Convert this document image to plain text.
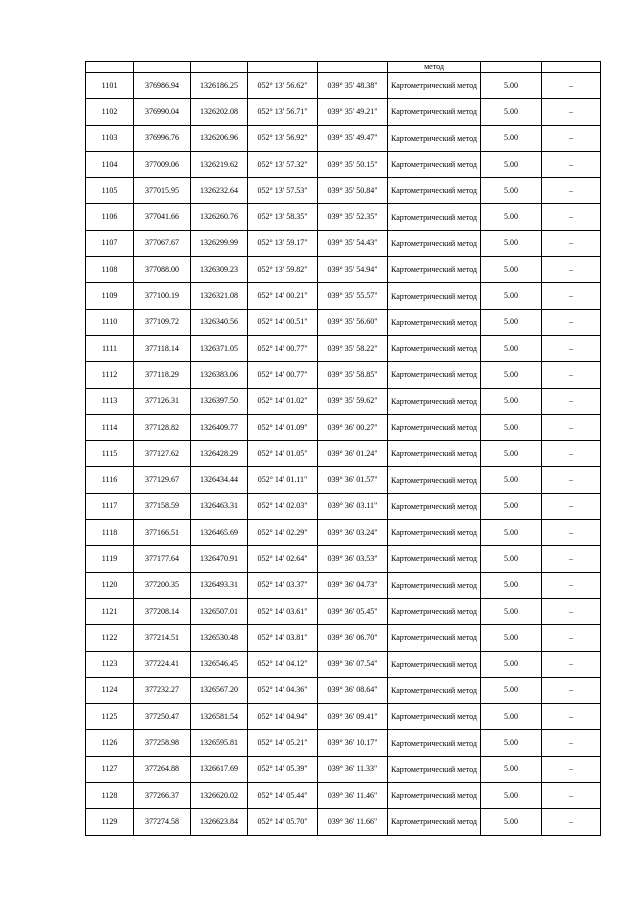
					метод		
1101	376986.94	1326186.25	052° 13' 56.62"	039° 35' 48.38"	Картометрический метод	5.00	–
1102	376990.04	1326202.08	052° 13' 56.71"	039° 35' 49.21"	Картометрический метод	5.00	–
1103	376996.76	1326206.96	052° 13' 56.92"	039° 35' 49.47"	Картометрический метод	5.00	–
1104	377009.06	1326219.62	052° 13' 57.32"	039° 35' 50.15"	Картометрический метод	5.00	–
1105	377015.95	1326232.64	052° 13' 57.53"	039° 35' 50.84"	Картометрический метод	5.00	–
1106	377041.66	1326260.76	052° 13' 58.35"	039° 35' 52.35"	Картометрический метод	5.00	–
1107	377067.67	1326299.99	052° 13' 59.17"	039° 35' 54.43"	Картометрический метод	5.00	–
1108	377088.00	1326309.23	052° 13' 59.82"	039° 35' 54.94"	Картометрический метод	5.00	–
1109	377100.19	1326321.08	052° 14' 00.21"	039° 35' 55.57"	Картометрический метод	5.00	–
1110	377109.72	1326340.56	052° 14' 00.51"	039° 35' 56.60"	Картометрический метод	5.00	–
1111	377118.14	1326371.05	052° 14' 00.77"	039° 35' 58.22"	Картометрический метод	5.00	–
1112	377118.29	1326383.06	052° 14' 00.77"	039° 35' 58.85"	Картометрический метод	5.00	–
1113	377126.31	1326397.50	052° 14' 01.02"	039° 35' 59.62"	Картометрический метод	5.00	–
1114	377128.82	1326409.77	052° 14' 01.09"	039° 36' 00.27"	Картометрический метод	5.00	–
1115	377127.62	1326428.29	052° 14' 01.05"	039° 36' 01.24"	Картометрический метод	5.00	–
1116	377129.67	1326434.44	052° 14' 01.11"	039° 36' 01.57"	Картометрический метод	5.00	–
1117	377158.59	1326463.31	052° 14' 02.03"	039° 36' 03.11"	Картометрический метод	5.00	–
1118	377166.51	1326465.69	052° 14' 02.29"	039° 36' 03.24"	Картометрический метод	5.00	–
1119	377177.64	1326470.91	052° 14' 02.64"	039° 36' 03.53"	Картометрический метод	5.00	–
1120	377200.35	1326493.31	052° 14' 03.37"	039° 36' 04.73"	Картометрический метод	5.00	–
1121	377208.14	1326507.01	052° 14' 03.61"	039° 36' 05.45"	Картометрический метод	5.00	–
1122	377214.51	1326530.48	052° 14' 03.81"	039° 36' 06.70"	Картометрический метод	5.00	–
1123	377224.41	1326546.45	052° 14' 04.12"	039° 36' 07.54"	Картометрический метод	5.00	–
1124	377232.27	1326567.20	052° 14' 04.36"	039° 36' 08.64"	Картометрический метод	5.00	–
1125	377250.47	1326581.54	052° 14' 04.94"	039° 36' 09.41"	Картометрический метод	5.00	–
1126	377258.98	1326595.81	052° 14' 05.21"	039° 36' 10.17"	Картометрический метод	5.00	–
1127	377264.88	1326617.69	052° 14' 05.39"	039° 36' 11.33"	Картометрический метод	5.00	–
1128	377266.37	1326620.02	052° 14' 05.44"	039° 36' 11.46"	Картометрический метод	5.00	–
1129	377274.58	1326623.84	052° 14' 05.70"	039° 36' 11.66"	Картометрический метод	5.00	–
